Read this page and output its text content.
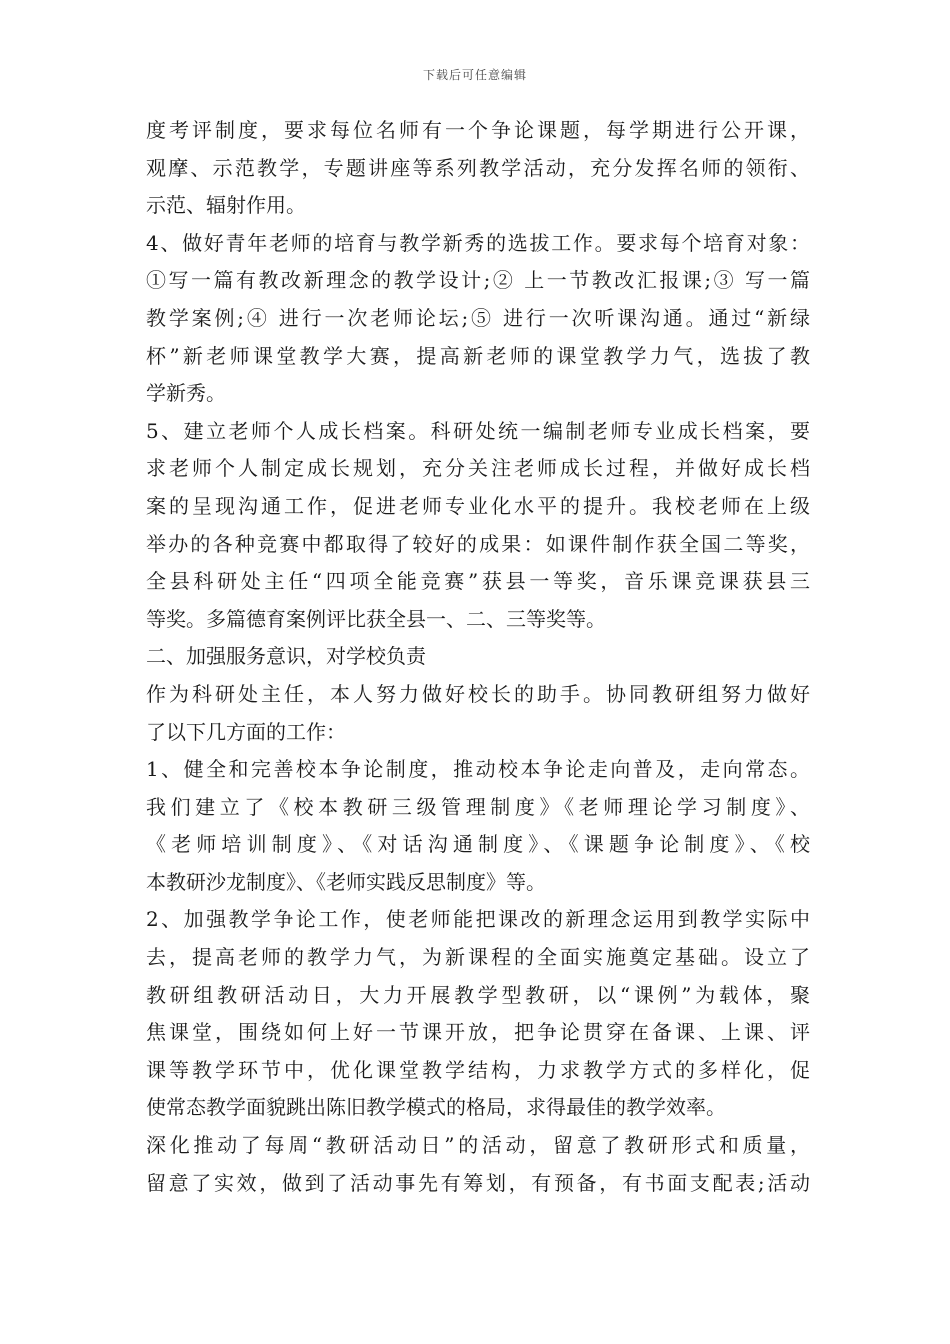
下载后可任意编辑
度考评制度，要求每位名师有一个争论课题，每学期进行公开课，
观摩、示范教学，专题讲座等系列教学活动，充分发挥名师的领衔、
示范、辐射作用。
4、做好青年老师的培育与教学新秀的选拔工作。要求每个培育对象：
①写一篇有教改新理念的教学设计;② 上一节教改汇报课;③ 写一篇
教学案例;④ 进行一次老师论坛;⑤ 进行一次听课沟通。通过“新绿
杯”新老师课堂教学大赛，提高新老师的课堂教学力气，选拔了教
学新秀。
5、建立老师个人成长档案。科研处统一编制老师专业成长档案，要
求老师个人制定成长规划，充分关注老师成长过程，并做好成长档
案的呈现沟通工作，促进老师专业化水平的提升。我校老师在上级
举办的各种竞赛中都取得了较好的成果：如课件制作获全国二等奖，
全县科研处主任“四项全能竞赛”获县一等奖，音乐课竞课获县三
等奖。多篇德育案例评比获全县一、二、三等奖等。
二、加强服务意识，对学校负责
作为科研处主任，本人努力做好校长的助手。协同教研组努力做好
了以下几方面的工作：
1、健全和完善校本争论制度，推动校本争论走向普及，走向常态。
我们建立了《校本教研三级管理制度》《老师理论学习制度》、
《老师培训制度》、《对话沟通制度》、《课题争论制度》、《校
本教研沙龙制度》、《老师实践反思制度》等。
2、加强教学争论工作，使老师能把课改的新理念运用到教学实际中
去，提高老师的教学力气，为新课程的全面实施奠定基础。设立了
教研组教研活动日，大力开展教学型教研，以“课例”为载体，聚
焦课堂，围绕如何上好一节课开放，把争论贯穿在备课、上课、评
课等教学环节中，优化课堂教学结构，力求教学方式的多样化，促
使常态教学面貌跳出陈旧教学模式的格局，求得最佳的教学效率。
深化推动了每周“教研活动日”的活动，留意了教研形式和质量，
留意了实效，做到了活动事先有筹划，有预备，有书面支配表;活动
